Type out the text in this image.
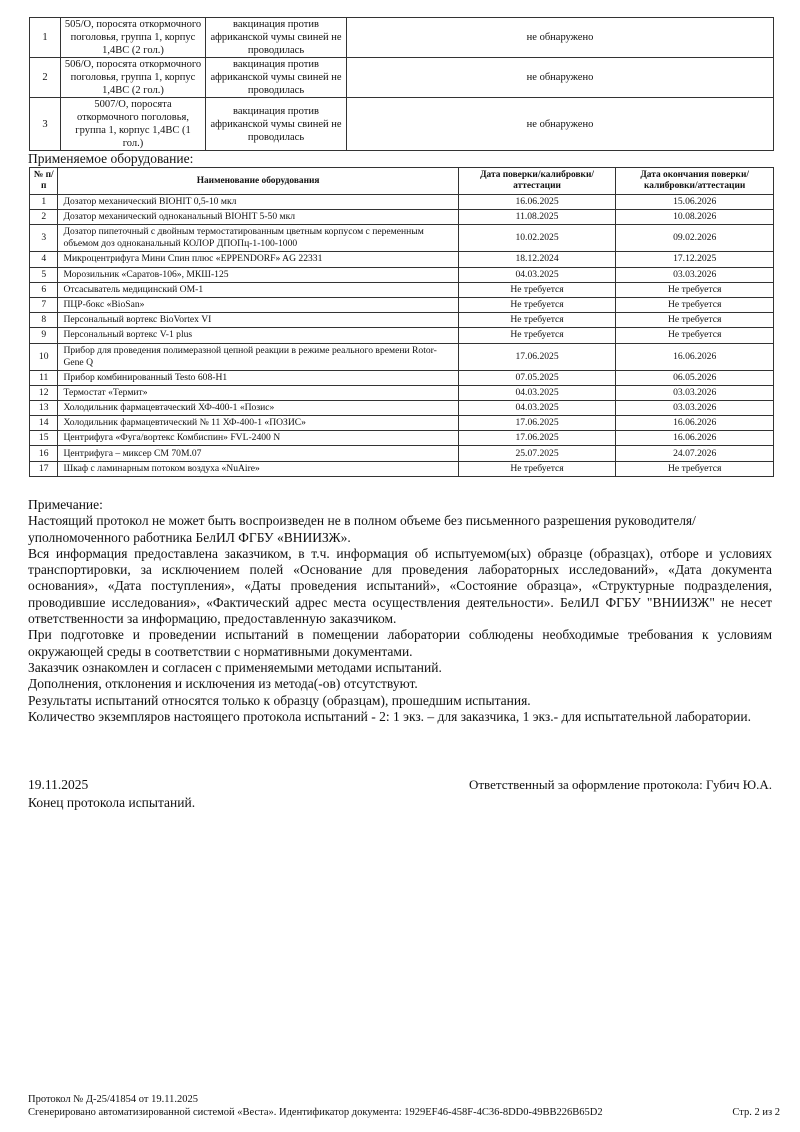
1	505/О, поросята откормочного поголовья, группа 1, корпус 1,4ВС (2 гол.)	вакцинация против африканской чумы свиней не проводилась	не обнаружено
2	506/О, поросята откормочного поголовья, группа 1, корпус 1,4ВС (2 гол.)	вакцинация против африканской чумы свиней не проводилась	не обнаружено
3	5007/О, поросята откормочного поголовья, группа 1, корпус 1,4ВС (1 гол.)	вакцинация против африканской чумы свиней не проводилась	не обнаружено
Применяемое оборудование:
№ п/п	Наименование оборудования	Дата поверки/калибровки/аттестации	Дата окончания поверки/калибровки/аттестации
1	Дозатор механический BIOHIT 0,5-10 мкл	16.06.2025	15.06.2026
2	Дозатор механический одноканальный BIOHIT 5-50 мкл	11.08.2025	10.08.2026
3	Дозатор пипеточный с двойным термостатированным цветным корпусом с переменным объемом доз одноканальный КОЛОР ДПОПц-1-100-1000	10.02.2025	09.02.2026
4	Микроцентрифуга Мини Спин плюс «EPPENDORF» AG 22331	18.12.2024	17.12.2025
5	Морозильник «Саратов-106», МКШ-125	04.03.2025	03.03.2026
6	Отсасыватель медицинский ОМ-1	Не требуется	Не требуется
7	ПЦР-бокс «BioSan»	Не требуется	Не требуется
8	Персональный вортекс BioVortex VI	Не требуется	Не требуется
9	Персональный вортекс V-1 plus	Не требуется	Не требуется
10	Прибор для проведения полимеразной цепной реакции в режиме реального времени Rotor-Gene Q	17.06.2025	16.06.2026
11	Прибор комбинированный Testo 608-H1	07.05.2025	06.05.2026
12	Термостат «Термит»	04.03.2025	03.03.2026
13	Холодильник фармацевтачеcкий ХФ-400-1 «Позис»	04.03.2025	03.03.2026
14	Холодильник фармацевтический № 11 ХФ-400-1 «ПОЗИС»	17.06.2025	16.06.2026
15	Центрифуга «Фуга/вортекс Комбиспин» FVL-2400 N	17.06.2025	16.06.2026
16	Центрифуга – миксер СМ 70М.07	25.07.2025	24.07.2026
17	Шкаф с ламинарным потоком воздуха «NuAire»	Не требуется	Не требуется

Примечание:

Настоящий протокол не может быть воспроизведен не в полном объеме без письменного разрешения руководителя/уполномоченного работника БелИЛ ФГБУ «ВНИИЗЖ».

Вся информация предоставлена заказчиком, в т.ч. информация об испытуемом(ых) образце (образцах), отборе и условиях транспортировки, за исключением полей «Основание для проведения лабораторных исследований», «Дата документа основания», «Дата поступления», «Даты проведения испытаний», «Состояние образца», «Структурные подразделения, проводившие исследования», «Фактический адрес места осуществления деятельности». БелИЛ ФГБУ "ВНИИЗЖ" не несет ответственности за информацию, предоставленную заказчиком.

При подготовке и проведении испытаний в помещении лаборатории соблюдены необходимые требования к условиям окружающей среды в соответствии с нормативными документами.

Заказчик ознакомлен и согласен с применяемыми методами испытаний.

Дополнения, отклонения и исключения из метода(-ов) отсутствуют.

Результаты испытаний относятся только к образцу (образцам), прошедшим испытания.

Количество экземпляров настоящего протокола испытаний - 2: 1 экз. – для заказчика, 1 экз.- для испытательной лаборатории.

19.11.2025	Ответственный за оформление протокола: Губич Ю.А.
Конец протокола испытаний.
Протокол № Д-25/41854 от 19.11.2025
Сгенерировано автоматизированной системой «Веста». Идентификатор документа: 1929EF46-458F-4C36-8DD0-49BB226B65D2	Стр. 2 из 2
